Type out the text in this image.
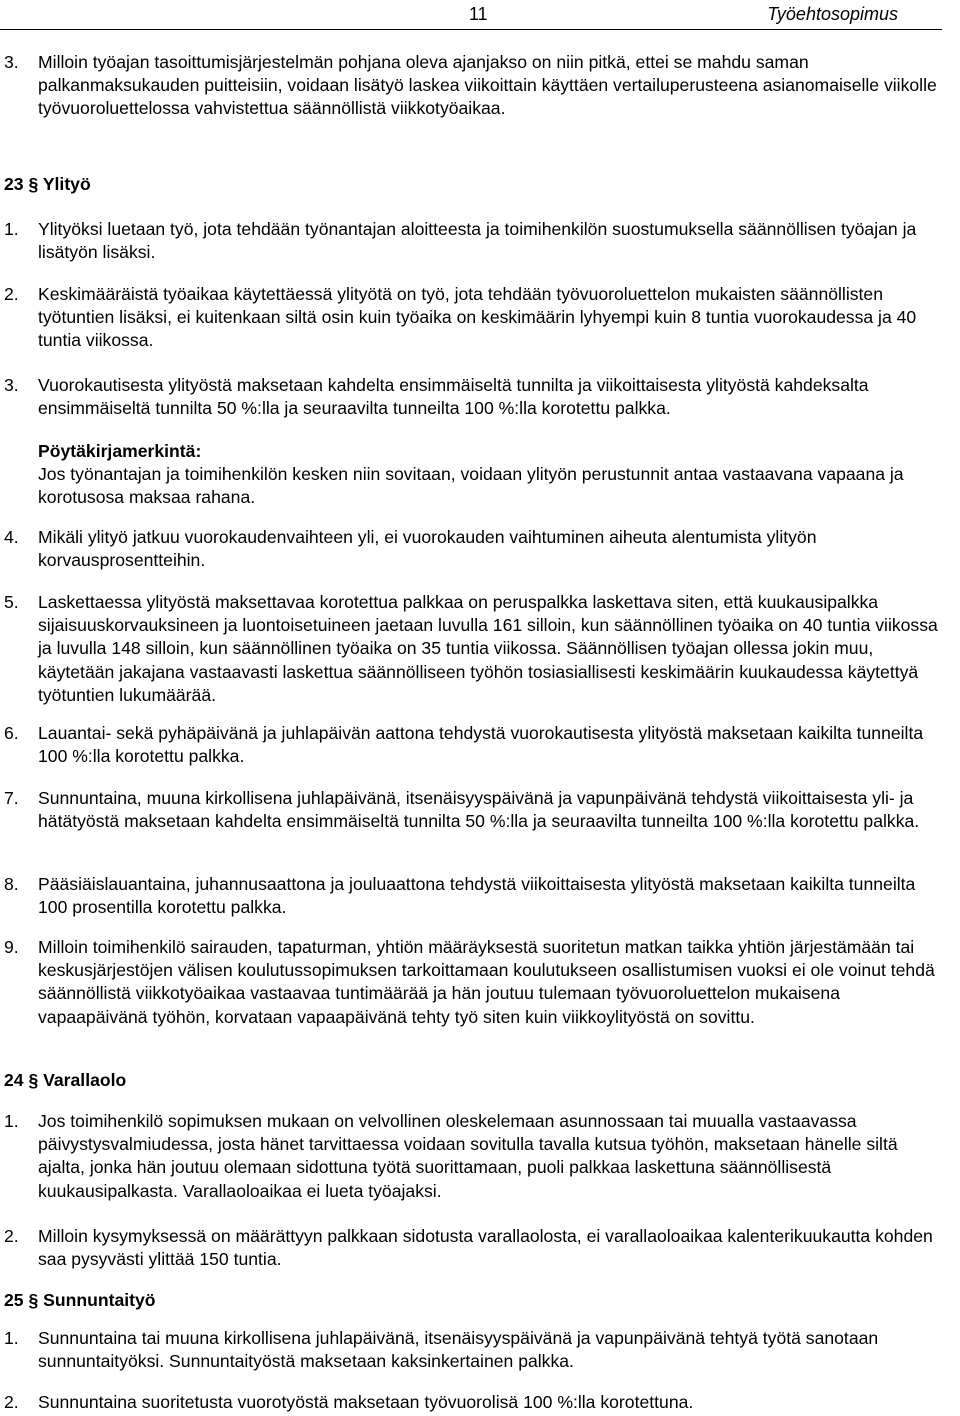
11	Työehtosopimus
3.	Milloin työajan tasoittumisjärjestelmän pohjana oleva ajanjakso on niin pitkä, ettei se mahdu saman palkanmaksukauden puitteisiin, voidaan lisätyö laskea viikoittain käyttäen vertailuperusteena asianomaiselle viikolle työvuoroluettelossa vahvistettua säännöllistä viikkotyöaikaa.
23 § Ylityö
1.	Ylityöksi luetaan työ, jota tehdään työnantajan aloitteesta ja toimihenkilön suostumuksella säännöllisen työajan ja lisätyön lisäksi.
2.	Keskimääräistä työaikaa käytettäessä ylityötä on työ, jota tehdään työvuoroluettelon mukaisten säännöllisten työtuntien lisäksi, ei kuitenkaan siltä osin kuin työaika on keskimäärin lyhyempi kuin 8 tuntia vuorokaudessa ja 40 tuntia viikossa.
3.	Vuorokautisesta ylityöstä maksetaan kahdelta ensimmäiseltä tunnilta ja viikoittaisesta ylityöstä kahdeksalta ensimmäiseltä tunnilta 50 %:lla ja seuraavilta tunneilta 100 %:lla korotettu palkka.
Pöytäkirjamerkintä:
Jos työnantajan ja toimihenkilön kesken niin sovitaan, voidaan ylityön perustunnit antaa vastaavana vapaana ja korotusosa maksaa rahana.
4.	Mikäli ylityö jatkuu vuorokaudenvaihteen yli, ei vuorokauden vaihtuminen aiheuta alentumista ylityön korvausprosentteihin.
5.	Laskettaessa ylityöstä maksettavaa korotettua palkkaa on peruspalkka laskettava siten, että kuukausipalkka sijaisuuskorvauksineen ja luontoisetuineen jaetaan luvulla 161 silloin, kun säännöllinen työaika on 40 tuntia viikossa ja luvulla 148 silloin, kun säännöllinen työaika on 35 tuntia viikossa. Säännöllisen työajan ollessa jokin muu, käytetään jakajana vastaavasti laskettua säännölliseen työhön tosiasiallisesti keskimäärin kuukaudessa käytettyä työtuntien lukumäärää.
6.	Lauantai- sekä pyhäpäivänä ja juhlapäivän aattona tehdystä vuorokautisesta ylityöstä maksetaan kaikilta tunneilta 100 %:lla korotettu palkka.
7.	Sunnuntaina, muuna kirkollisena juhlapäivänä, itsenäisyyspäivänä ja vapunpäivänä tehdystä viikoittaisesta yli- ja hätätyöstä maksetaan kahdelta ensimmäiseltä tunnilta 50 %:lla ja seuraavilta tunneilta 100 %:lla korotettu palkka.
8.	Pääsiäislauantaina, juhannusaattona ja jouluaattona tehdystä viikoittaisesta ylityöstä maksetaan kaikilta tunneilta 100 prosentilla korotettu palkka.
9.	Milloin toimihenkilö sairauden, tapaturman, yhtiön määräyksestä suoritetun matkan taikka yhtiön järjestämään tai keskusjärjestöjen välisen koulutussopimuksen tarkoittamaan koulutukseen osallistumisen vuoksi ei ole voinut tehdä säännöllistä viikkotyöaikaa vastaavaa tuntimäärää ja hän joutuu tulemaan työvuoroluettelon mukaisena vapaapäivänä työhön, korvataan vapaapäivänä tehty työ siten kuin viikkoylityöstä on sovittu.
24 § Varallaolo
1.	Jos toimihenkilö sopimuksen mukaan on velvollinen oleskelemaan asunnossaan tai muualla vastaavassa päivystysvalmiudessa, josta hänet tarvittaessa voidaan sovitulla tavalla kutsua työhön, maksetaan hänelle siltä ajalta, jonka hän joutuu olemaan sidottuna työtä suorittamaan, puoli palkkaa laskettuna säännöllisestä kuukausipalkasta. Varallaoloaikaa ei lueta työajaksi.
2.	Milloin kysymyksessä on määrättyyn palkkaan sidotusta varallaolosta, ei varallaoloaikaa kalenterikuukautta kohden saa pysyvästi ylittää 150 tuntia.
25 § Sunnuntaityö
1.	Sunnuntaina tai muuna kirkollisena juhlapäivänä, itsenäisyyspäivänä ja vapunpäivänä tehtyä työtä sanotaan sunnuntaityöksi. Sunnuntaityöstä maksetaan kaksinkertainen palkka.
2.	Sunnuntaina suoritetusta vuorotyöstä maksetaan työvuorolisä 100 %:lla korotettuna.
